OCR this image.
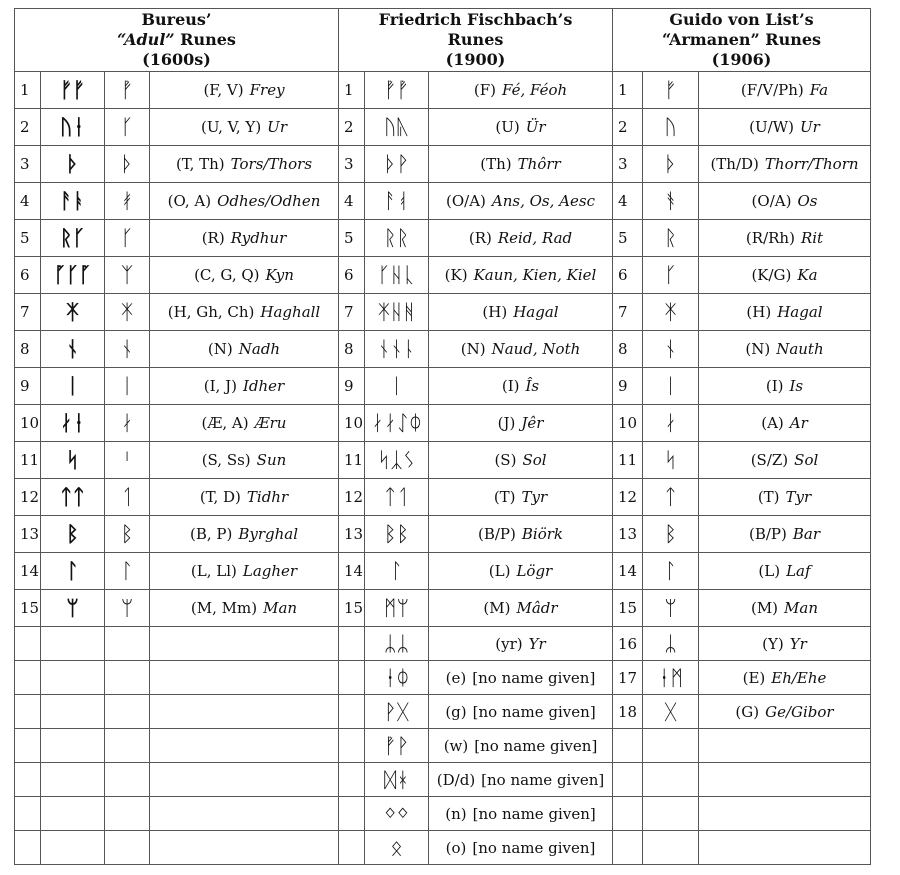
Bureus’
“Adul” Runes
(1600s)				Friedrich Fischbach’s
Runes
(1900)			Guido von List’s
“Armanen” Runes
(1906)		

1	ᚠᚠ	ᚡ	(F, V) Frey	1	ᚡᚡ	(F) Fé, Féoh	1	ᚠ	(F/V/Ph) Fa
2	ᚢᛂ	ᚴ	(U, V, Y) Ur	2	ᚢᚣ	(U) Ür	2	ᚢ	(U/W) Ur
3	ᚦ	ᚦ	(T, Th) Tors/Thors	3	ᚦᚹ	(Th) Thôrr	3	ᚦ	(Th/D) Thorr/Thorn
4	ᚨᚭ	ᚯ	(O, A) Odhes/Odhen	4	ᚨᚮ	(O/A) Ans, Os, Aesc	4	ᚬ	(O/A) Os
5	ᚱᚴ	ᚴ	(R) Rydhur	5	ᚱᚱ	(R) Reid, Rad	5	ᚱ	(R/Rh) Rit
6	ᚵᚴᚵ	ᛉ	(C, G, Q) Kyn	6	ᚴᚺᚳ	(K) Kaun, Kien, Kiel	6	ᚴ	(K/G) Ka
7	ᛡ	ᛡ	(H, Gh, Ch) Haghall	7	ᛡᚺᚻ	(H) Hagal	7	ᛡ	(H) Hagal
8	ᚾ	ᚾ	(N) Nadh	8	ᚾᚾᚿ	(N) Naud, Noth	8	ᚾ	(N) Nauth
9	ᛁ	ᛁ	(I, J) Idher	9	ᛁ	(I) Îs	9	ᛁ	(I) Is
10	ᛅᛂ	ᛅ	(Æ, A) Æru	10	ᛅᛅᛇᛰ	(J) Jêr	10	ᛅ	(A) Ar
11	ᛋ	ᛌ	(S, Ss) Sun	11	ᛋᛣᛊ	(S) Sol	11	ᛋ	(S/Z) Sol
12	ᛏᛏ	ᛐ	(T, D) Tidhr	12	ᛏᛐ	(T) Tyr	12	ᛏ	(T) Tyr
13	ᛒ	ᛒ	(B, P) Byrghal	13	ᛒᛒ	(B/P) Biörk	13	ᛒ	(B/P) Bar
14	ᛚ	ᛚ	(L, Ll) Lagher	14	ᛚ	(L) Lögr	14	ᛚ	(L) Laf
15	ᛘ	ᛘ	(M, Mm) Man	15	ᛗᛘ	(M) Mâdr	15	ᛘ	(M) Man
					ᛦᛦ	(yr) Yr	16	ᛦ	(Y) Yr
					ᛂᛰ	(e) [no name given]	17	ᛂᛗ	(E) Eh/Ehe
					ᚹᚷ	(g) [no name given]	18	ᚷ	(G) Ge/Gibor
					ᚡᚹ	(w) [no name given]			
					ᛞᚼ	(D/d) [no name given]			
					ᛜᛜ	(n) [no name given]			
					ᛟ	(o) [no name given]			
